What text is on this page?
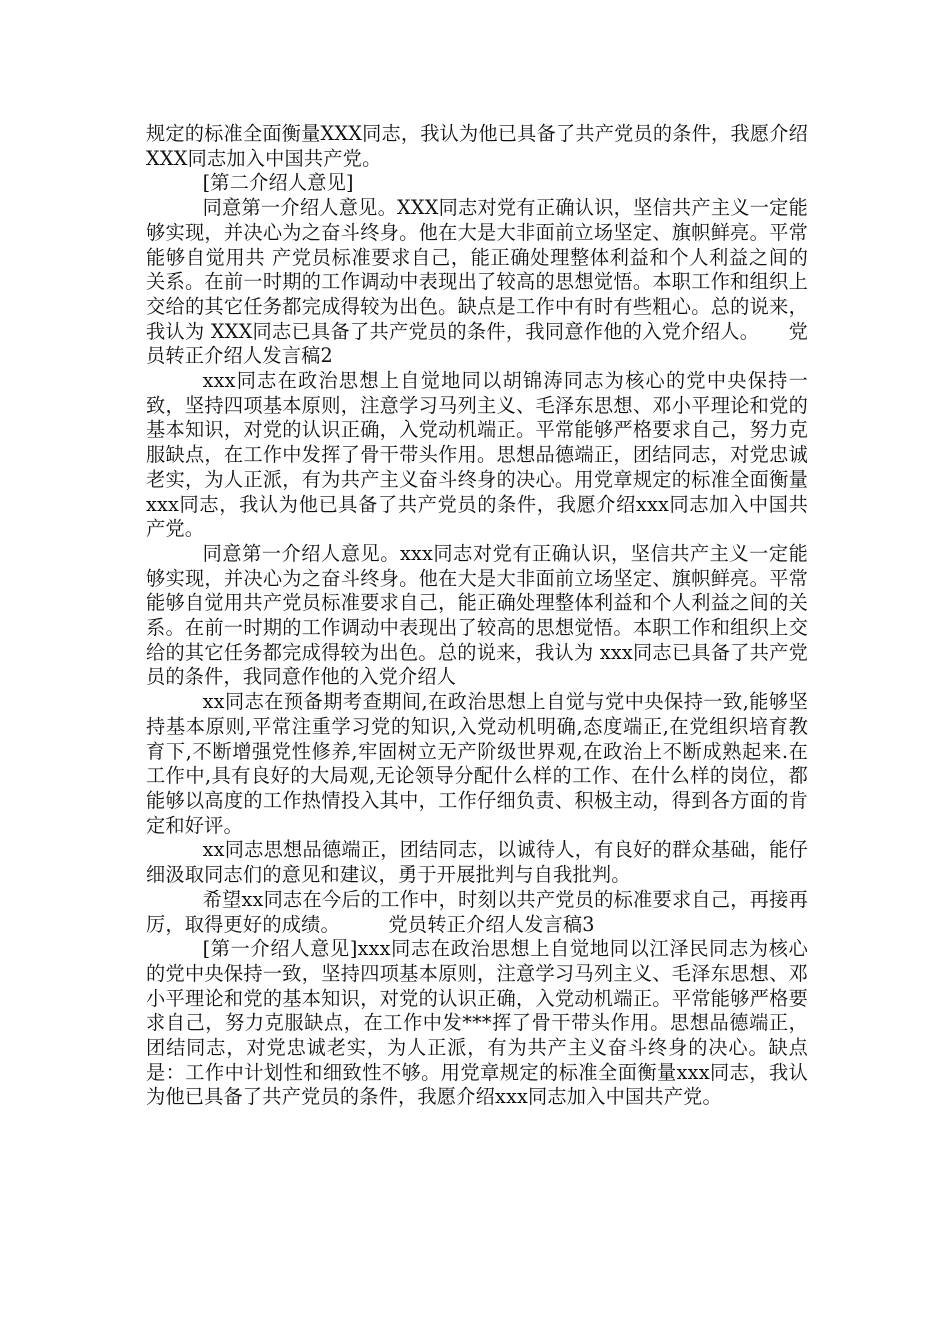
规定的标准全面衡量XXX同志，我认为他已具备了共产党员的条件，我愿介绍XXX同志加入中国共产党。

[第二介绍人意见]

同意第一介绍人意见。XXX同志对党有正确认识，坚信共产主义一定能够实现，并决心为之奋斗终身。他在大是大非面前立场坚定、旗帜鲜亮。平常能够自觉用共 产党员标准要求自己，能正确处理整体利益和个人利益之间的关系。在前一时期的工作调动中表现出了较高的思想觉悟。本职工作和组织上交给的其它任务都完成得较为出色。缺点是工作中有时有些粗心。总的说来，我认为 XXX同志已具备了共产党员的条件，我同意作他的入党介绍人。　　党员转正介绍人发言稿2

xxx同志在政治思想上自觉地同以胡锦涛同志为核心的党中央保持一致，坚持四项基本原则，注意学习马列主义、毛泽东思想、邓小平理论和党的基本知识，对党的认识正确，入党动机端正。平常能够严格要求自己，努力克服缺点，在工作中发挥了骨干带头作用。思想品德端正，团结同志，对党忠诚老实，为人正派，有为共产主义奋斗终身的决心。用党章规定的标准全面衡量xxx同志，我认为他已具备了共产党员的条件，我愿介绍xxx同志加入中国共产党。

同意第一介绍人意见。xxx同志对党有正确认识，坚信共产主义一定能够实现，并决心为之奋斗终身。他在大是大非面前立场坚定、旗帜鲜亮。平常能够自觉用共产党员标准要求自己，能正确处理整体利益和个人利益之间的关系。在前一时期的工作调动中表现出了较高的思想觉悟。本职工作和组织上交给的其它任务都完成得较为出色。总的说来，我认为 xxx同志已具备了共产党员的条件，我同意作他的入党介绍人

xx同志在预备期考查期间,在政治思想上自觉与党中央保持一致,能够坚持基本原则,平常注重学习党的知识,入党动机明确,态度端正,在党组织培育教育下,不断增强党性修养,牢固树立无产阶级世界观,在政治上不断成熟起来.在工作中,具有良好的大局观,无论领导分配什么样的工作、在什么样的岗位，都能够以高度的工作热情投入其中，工作仔细负责、积极主动，得到各方面的肯定和好评。

xx同志思想品德端正，团结同志，以诚待人，有良好的群众基础，能仔细汲取同志们的意见和建议，勇于开展批判与自我批判。

希望xx同志在今后的工作中，时刻以共产党员的标准要求自己，再接再厉，取得更好的成绩。　　　党员转正介绍人发言稿3

[第一介绍人意见]xxx同志在政治思想上自觉地同以江泽民同志为核心的党中央保持一致，坚持四项基本原则，注意学习马列主义、毛泽东思想、邓小平理论和党的基本知识，对党的认识正确，入党动机端正。平常能够严格要求自己，努力克服缺点，在工作中发***挥了骨干带头作用。思想品德端正，团结同志，对党忠诚老实，为人正派，有为共产主义奋斗终身的决心。缺点是：工作中计划性和细致性不够。用党章规定的标准全面衡量xxx同志，我认为他已具备了共产党员的条件，我愿介绍xxx同志加入中国共产党。
